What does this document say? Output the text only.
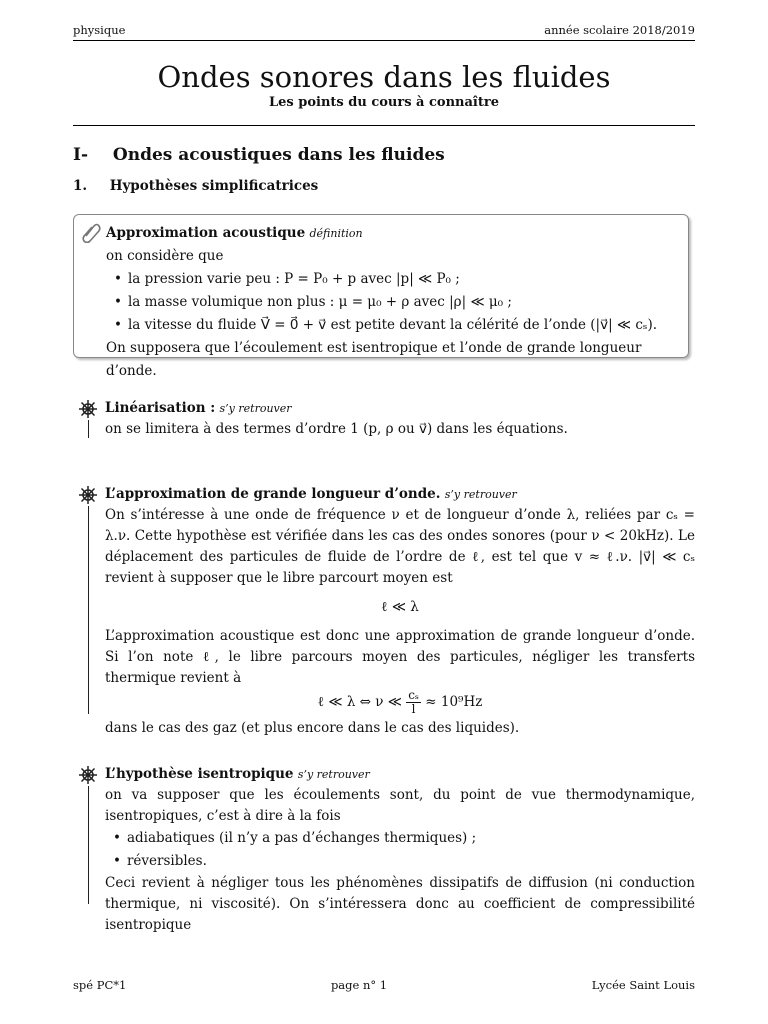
physique	année scolaire 2018/2019
Ondes sonores dans les fluides
Les points du cours à connaître
I- Ondes acoustiques dans les fluides
1. Hypothèses simplificatrices
Approximation acoustique définition
on considère que
• la pression varie peu : P = P₀ + p avec |p| ≪ P₀ ;
• la masse volumique non plus : μ = μ₀ + ρ avec |ρ| ≪ μ₀ ;
• la vitesse du fluide V⃗ = 0⃗ + v⃗ est petite devant la célérité de l’onde (|v⃗| ≪ cₛ).
On supposera que l’écoulement est isentropique et l’onde de grande longueur d’onde.
Linéarisation : s’y retrouver
on se limitera à des termes d’ordre 1 (p, ρ ou v⃗) dans les équations.
L’approximation de grande longueur d’onde. s’y retrouver
On s’intéresse à une onde de fréquence ν et de longueur d’onde λ, reliées par cₛ = λ.ν. Cette hypothèse est vérifiée dans les cas des ondes sonores (pour ν < 20kHz). Le déplacement des particules de fluide de l’ordre de ℓ, est tel que v ≈ ℓ.ν. |v⃗| ≪ cₛ revient à supposer que le libre parcourt moyen est
ℓ ≪ λ
L’approximation acoustique est donc une approximation de grande longueur d’onde. Si l’on note ℓ, le libre parcours moyen des particules, négliger les transferts thermique revient à
ℓ ≪ λ ⇔ ν ≪ $\frac{\text{cₛ}}{l} \approx 10^9Hz$
dans le cas des gaz (et plus encore dans le cas des liquides).
L’hypothèse isentropique s’y retrouver
on va supposer que les écoulements sont, du point de vue thermodynamique, isentropiques, c’est à dire à la fois
• adiabatiques (il n’y a pas d’échanges thermiques) ;
• réversibles.
Ceci revient à négliger tous les phénomènes dissipatifs de diffusion (ni conduction thermique, ni viscosité). On s’intéressera donc au coefficient de compressibilité isentropique
spé PC*1	page n° 1	Lycée Saint Louis
